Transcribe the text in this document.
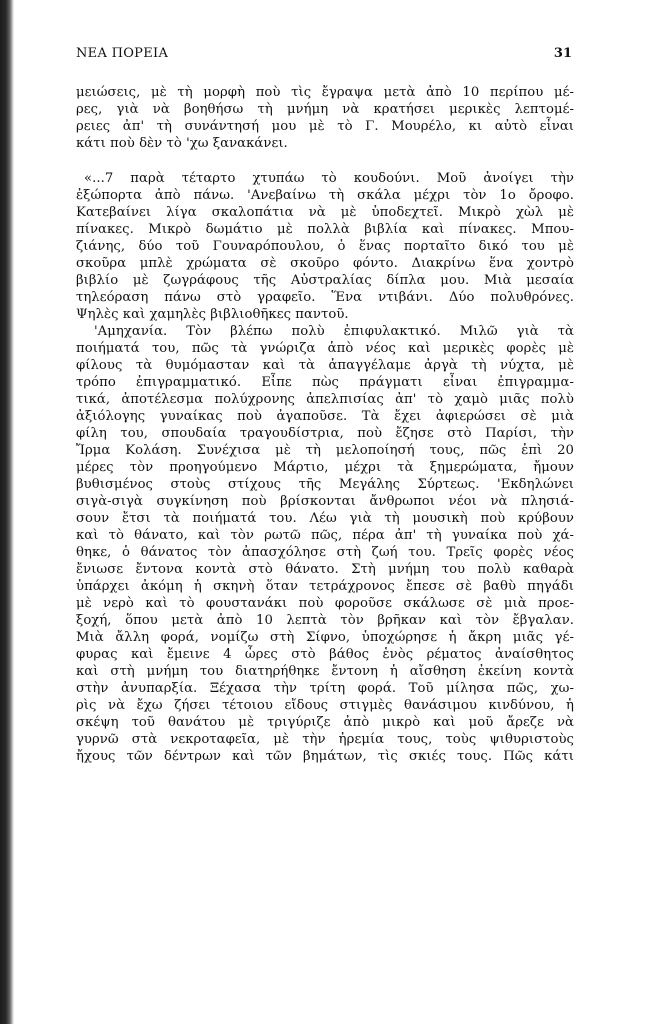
ΝΕΑ ΠΟΡΕΙΑ	31
μειώσεις, μὲ τὴ μορφὴ ποὺ τὶς ἔγραψα μετὰ ἀπὸ 10 περίπου μέ-
ρες, γιὰ νὰ βοηθήσω τὴ μνήμη νὰ κρατήσει μερικὲς λεπτομέ-
ρειες ἀπ' τὴ συνάντησή μου μὲ τὸ Γ. Μουρέλο, κι αὐτὸ εἶναι
κάτι ποὺ δὲν τὸ 'χω ξανακάνει.
«...7 παρὰ τέταρτο χτυπάω τὸ κουδούνι. Μοῦ ἀνοίγει τὴν
ἐξώπορτα ἀπὸ πάνω. 'Ανεβαίνω τὴ σκάλα μέχρι τὸν 1ο ὄροφο.
Κατεβαίνει λίγα σκαλοπάτια νὰ μὲ ὑποδεχτεῖ. Μικρὸ χὼλ μὲ
πίνακες. Μικρὸ δωμάτιο μὲ πολλὰ βιβλία καὶ πίνακες. Μπου-
ζιάνης, δύο τοῦ Γουναρόπουλου, ὁ ἕνας πορταῖτο δικό του μὲ
σκοῦρα μπλὲ χρώματα σὲ σκοῦρο φόντο. Διακρίνω ἕνα χοντρὸ
βιβλίο μὲ ζωγράφους τῆς Αὐστραλίας δίπλα μου. Μιὰ μεσαία
τηλεόραση πάνω στὸ γραφεῖο. Ἕνα ντιβάνι. Δύο πολυθρόνες.
Ψηλὲς καὶ χαμηλὲς βιβλιοθῆκες παντοῦ.
'Αμηχανία. Τὸν βλέπω πολὺ ἐπιφυλακτικό. Μιλῶ γιὰ τὰ
ποιήματά του, πῶς τὰ γνώριζα ἀπὸ νέος καὶ μερικὲς φορὲς μὲ
φίλους τὰ θυμόμασταν καὶ τὰ ἀπαγγέλαμε ἀργὰ τὴ νύχτα, μὲ
τρόπο ἐπιγραμματικό. Εἶπε πὼς πράγματι εἶναι ἐπιγραμμα-
τικά, ἀποτέλεσμα πολύχρονης ἀπελπισίας ἀπ' τὸ χαμὸ μιᾶς πολὺ
ἀξιόλογης γυναίκας ποὺ ἀγαποῦσε. Τὰ ἔχει ἀφιερώσει σὲ μιὰ
φίλη του, σπουδαία τραγουδίστρια, ποὺ ἔζησε στὸ Παρίσι, τὴν
Ἴρμα Κολάση. Συνέχισα μὲ τὴ μελοποίησή τους, πῶς ἐπὶ 20
μέρες τὸν προηγούμενο Μάρτιο, μέχρι τὰ ξημερώματα, ἤμουν
βυθισμένος στοὺς στίχους τῆς Μεγάλης Σύρτεως. 'Εκδηλώνει
σιγὰ-σιγὰ συγκίνηση ποὺ βρίσκονται ἄνθρωποι νέοι νὰ πλησιά-
σουν ἔτσι τὰ ποιήματά του. Λέω γιὰ τὴ μουσικὴ ποὺ κρύβουν
καὶ τὸ θάνατο, καὶ τὸν ρωτῶ πῶς, πέρα ἀπ' τὴ γυναίκα ποὺ χά-
θηκε, ὁ θάνατος τὸν ἀπασχόλησε στὴ ζωή του. Τρεῖς φορὲς νέος
ἔνιωσε ἔντονα κοντὰ στὸ θάνατο. Στὴ μνήμη του πολὺ καθαρὰ
ὑπάρχει ἀκόμη ἡ σκηνὴ ὅταν τετράχρονος ἔπεσε σὲ βαθὺ πηγάδι
μὲ νερὸ καὶ τὸ φουστανάκι ποὺ φοροῦσε σκάλωσε σὲ μιὰ προε-
ξοχή, ὅπου μετὰ ἀπὸ 10 λεπτὰ τὸν βρῆκαν καὶ τὸν ἔβγαλαν.
Μιὰ ἄλλη φορά, νομίζω στὴ Σίφνο, ὑποχώρησε ἡ ἄκρη μιᾶς γέ-
φυρας καὶ ἔμεινε 4 ὧρες στὸ βάθος ἑνὸς ρέματος ἀναίσθητος
καὶ στὴ μνήμη του διατηρήθηκε ἔντονη ἡ αἴσθηση ἐκείνη κοντὰ
στὴν ἀνυπαρξία. Ξέχασα τὴν τρίτη φορά. Τοῦ μίλησα πῶς, χω-
ρὶς νὰ ἔχω ζήσει τέτοιου εἴδους στιγμὲς θανάσιμου κινδύνου, ἡ
σκέψη τοῦ θανάτου μὲ τριγύριζε ἀπὸ μικρὸ καὶ μοῦ ἄρεζε νὰ
γυρνῶ στὰ νεκροταφεῖα, μὲ τὴν ἠρεμία τους, τοὺς ψιθυριστοὺς
ἤχους τῶν δέντρων καὶ τῶν βημάτων, τὶς σκιές τους. Πῶς κάτι
